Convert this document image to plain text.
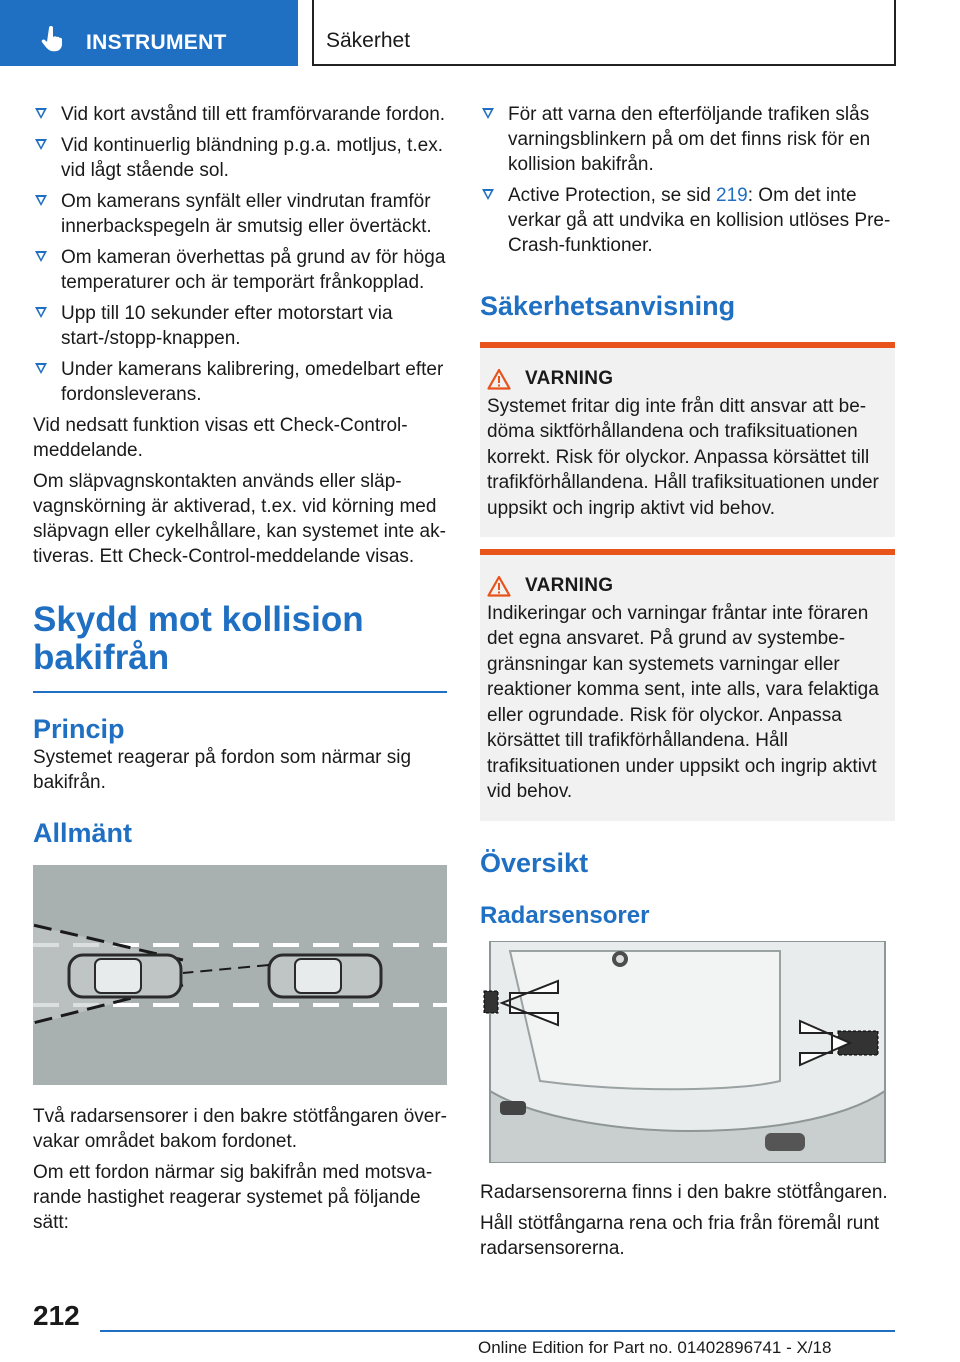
INSTRUMENT	Säkerhet
Vid kort avstånd till ett framförvarande fordon.
Vid kontinuerlig bländning p.g.a. motljus, t.ex. vid lågt stående sol.
Om kamerans synfält eller vindrutan framför innerbackspegeln är smutsig eller övertäckt.
Om kameran överhettas på grund av för höga temperaturer och är temporärt frånkopplad.
Upp till 10 sekunder efter motorstart via start-/stopp-knappen.
Under kamerans kalibrering, omedelbart efter fordonsleverans.

Vid nedsatt funktion visas ett Check-Control-meddelande.

Om släpvagnskontakten används eller släpvagnskörning är aktiverad, t.ex. vid körning med släpvagn eller cykelhållare, kan systemet inte aktiveras. Ett Check-Control-meddelande visas.

Skydd mot kollision bakifrån
Princip

Systemet reagerar på fordon som närmar sig bakifrån.

Allmänt

Två radarsensorer i den bakre stötfångaren övervakar området bakom fordonet.

Om ett fordon närmar sig bakifrån med motsvarande hastighet reagerar systemet på följande sätt:

För att varna den efterföljande trafiken slås varningsblinkern på om det finns risk för en kollision bakifrån.
Active Protection, se sid 219: Om det inte verkar gå att undvika en kollision utlöses Pre-Crash-funktioner.
Säkerhetsanvisning
VARNING
Systemet fritar dig inte från ditt ansvar att bedöma siktförhållandena och trafiksituationen korrekt. Risk för olyckor. Anpassa körsättet till trafikförhållandena. Håll trafiksituationen under uppsikt och ingrip aktivt vid behov.
VARNING
Indikeringar och varningar fråntar inte föraren det egna ansvaret. På grund av systembegränsningar kan systemets varningar eller reaktioner komma sent, inte alls, vara felaktiga eller ogrundade. Risk för olyckor. Anpassa körsättet till trafikförhållandena. Håll trafiksituationen under uppsikt och ingrip aktivt vid behov.
Översikt
Radarsensorer

Radarsensorerna finns i den bakre stötfångaren.

Håll stötfångarna rena och fria från föremål runt radarsensorerna.

212
Online Edition for Part no. 01402896741 - X/18
